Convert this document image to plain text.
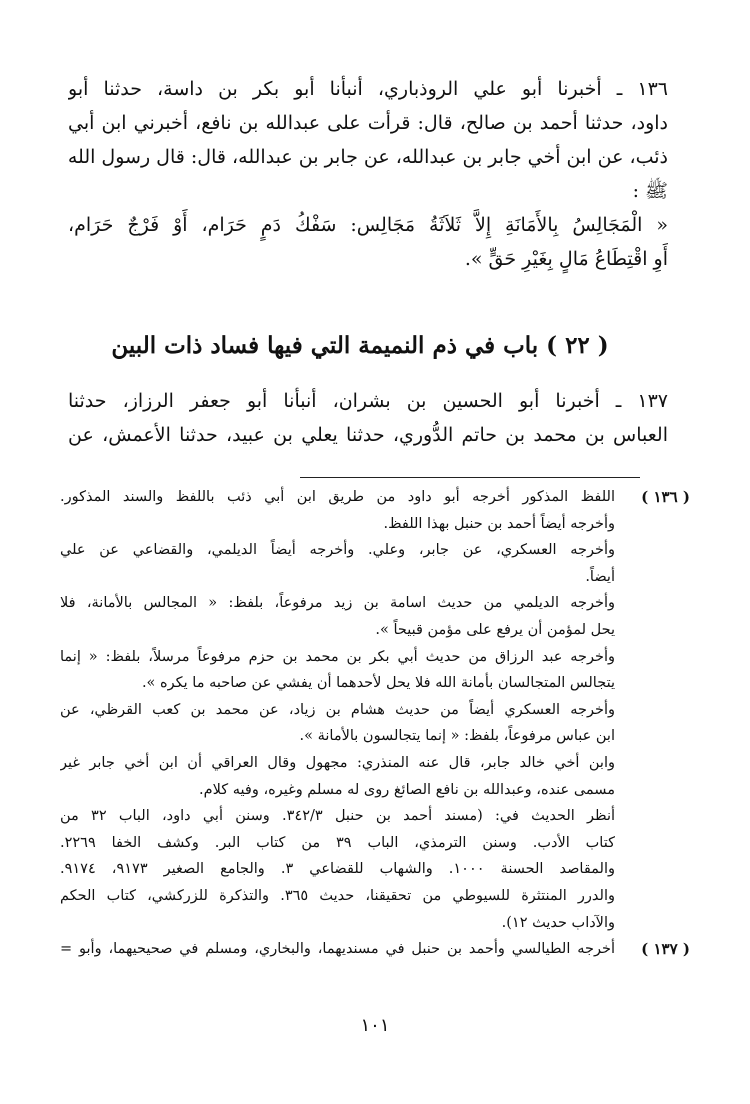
١٣٦ ـ أخبرنا أبو علي الروذباري، أنبأنا أبو بكر بن داسة، حدثنا أبو
داود، حدثنا أحمد بن صالح، قال: قرأت على عبدالله بن نافع، أخبرني ابن أبي
ذئب، عن ابن أخي جابر بن عبدالله، عن جابر بن عبدالله، قال: قال رسول الله
ﷺ :
« الْمَجَالِسُ بِالأَمَانَةِ إِلاَّ ثَلاَثَةُ مَجَالِس: سَفْكُ دَمٍ حَرَام، أَوْ فَرْجٌ حَرَام،
أَوِ اقْتِطَاعُ مَالٍ بِغَيْرِ حَقٍّ ».
( ٢٢ ) باب في ذم النميمة التي فيها فساد ذات البين
١٣٧ ـ أخبرنا أبو الحسين بن بشران، أنبأنا أبو جعفر الرزاز، حدثنا
العباس بن محمد بن حاتم الدُّوري، حدثنا يعلي بن عبيد، حدثنا الأعمش، عن
( ١٣٦ )
اللفظ المذكور أخرجه أبو داود من طريق ابن أبي ذئب باللفظ والسند المذكور.
وأخرجه أيضاً أحمد بن حنبل بهذا اللفظ.
وأخرجه العسكري، عن جابر، وعلي. وأخرجه أيضاً الديلمي، والقضاعي عن علي
أيضاً.
وأخرجه الديلمي من حديث اسامة بن زيد مرفوعاً، بلفظ: « المجالس بالأمانة، فلا
يحل لمؤمن أن يرفع على مؤمن قبيحاً ».
وأخرجه عبد الرزاق من حديث أبي بكر بن محمد بن حزم مرفوعاً مرسلاً، بلفظ: « إنما
يتجالس المتجالسان بأمانة الله فلا يحل لأحدهما أن يفشي عن صاحبه ما يكره ».
وأخرجه العسكري أيضاً من حديث هشام بن زياد، عن محمد بن كعب القرظي، عن
ابن عباس مرفوعاً، بلفظ: « إنما يتجالسون بالأمانة ».
وابن أخي خالد جابر، قال عنه المنذري: مجهول وقال العراقي أن ابن أخي جابر غير
مسمى عنده، وعبدالله بن نافع الصائغ روى له مسلم وغيره، وفيه كلام.
أنظر الحديث في: (مسند أحمد بن حنبل ٣٤٢/٣. وسنن أبي داود، الباب ٣٢ من
كتاب الأدب. وسنن الترمذي، الباب ٣٩ من كتاب البر. وكشف الخفا ٢٢٦٩.
والمقاصد الحسنة ١٠٠٠. والشهاب للقضاعي ٣. والجامع الصغير ٩١٧٣، ٩١٧٤.
والدرر المنتثرة للسيوطي من تحقيقنا، حديث ٣٦٥. والتذكرة للزركشي، كتاب الحكم
والآداب حديث ١٢).
( ١٣٧ )
أخرجه الطيالسي وأحمد بن حنبل في مسنديهما، والبخاري، ومسلم في صحيحيهما، وأبو =
١٠١
